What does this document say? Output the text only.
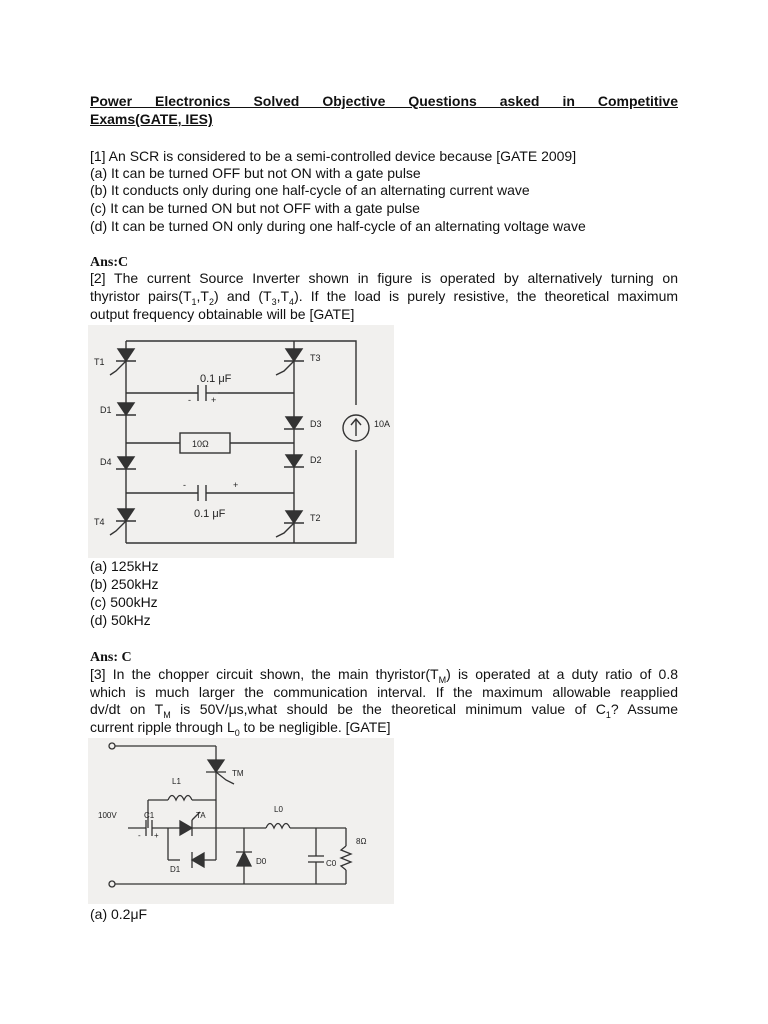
Power Electronics Solved Objective Questions asked in Competitive
Exams(GATE, IES)
[1] An SCR is considered to be a semi-controlled device because [GATE 2009]
(a) It can be turned OFF but not ON with a gate pulse
(b) It conducts only during one half-cycle of an alternating current wave
(c) It can be turned ON but not OFF with a gate pulse
(d) It can be turned ON only during one half-cycle of an alternating voltage wave
Ans:C
[2] The current Source Inverter shown in figure is operated by alternatively turning on
thyristor $pairs(T_1,T_2)$ and $(T_3,T_4)$. If the load is purely resistive, the theoretical maximum
output frequency obtainable will be [GATE]
T1
T4
T3
T2
D1
D4
D3
D2
10A
10Ω
0.1 μF
0.1 μF
+
-
+
-
(a) 125kHz
(b) 250kHz
(c) 500kHz
(d) 50kHz
Ans: C
[3] In the chopper circuit shown, the main $thyristor(T_M)$ is operated at a duty ratio of 0.8
which is much larger the communication interval. If the maximum allowable reapplied
dv/dt on $T_M$ is 50V/μs,what should be the theoretical minimum value of $C_1$? Assume
current ripple through $L_0$ to be negligible. [GATE]
TM
L1
C1	TA
D1
L0
D0	C0
8Ω
100V
+
-
(a) 0.2μF
